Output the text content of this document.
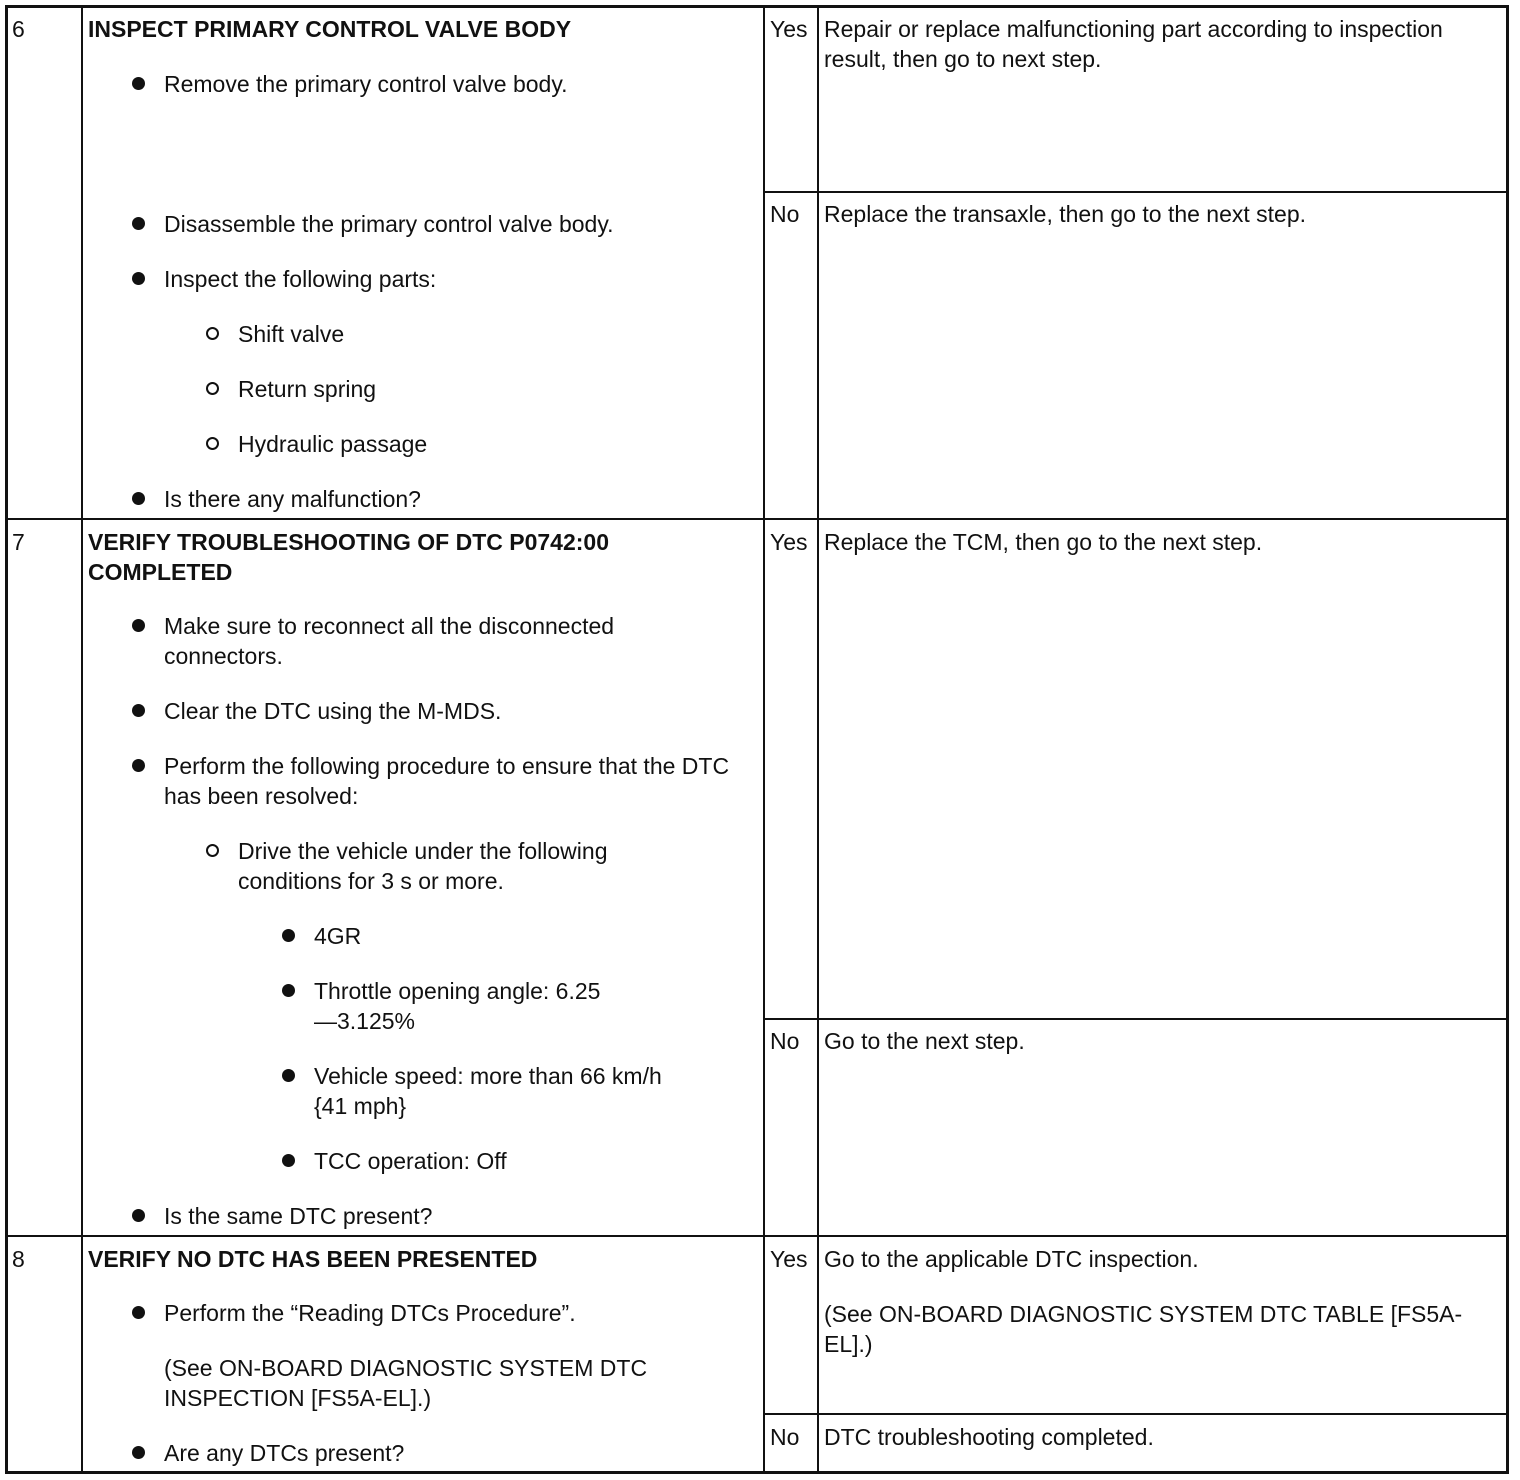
6	INSPECT PRIMARY CONTROL VALVE BODY

Remove the primary control valve body.

Disassemble the primary control valve body.

Inspect the following parts:

Shift valve

Return spring

Hydraulic passage

Is there any malfunction?

Yes Repair or replace malfunctioning part according to inspection result, then go to next step.

No Replace the transaxle, then go to the next step.

7	VERIFY TROUBLESHOOTING OF DTC P0742:00 COMPLETED

Make sure to reconnect all the disconnected connectors.

Clear the DTC using the M-MDS.

Perform the following procedure to ensure that the DTC has been resolved:

Drive the vehicle under the following conditions for 3 s or more.

4GR

Throttle opening angle: 6.25—3.125%

Vehicle speed: more than 66 km/h {41 mph}

TCC operation: Off

Is the same DTC present?

Yes Replace the TCM, then go to the next step.

No Go to the next step.

8	VERIFY NO DTC HAS BEEN PRESENTED

Perform the “Reading DTCs Procedure”.

(See ON-BOARD DIAGNOSTIC SYSTEM DTC INSPECTION [FS5A-EL].)

Are any DTCs present?

Yes Go to the applicable DTC inspection.

(See ON-BOARD DIAGNOSTIC SYSTEM DTC TABLE [FS5A-EL].)

No DTC troubleshooting completed.
